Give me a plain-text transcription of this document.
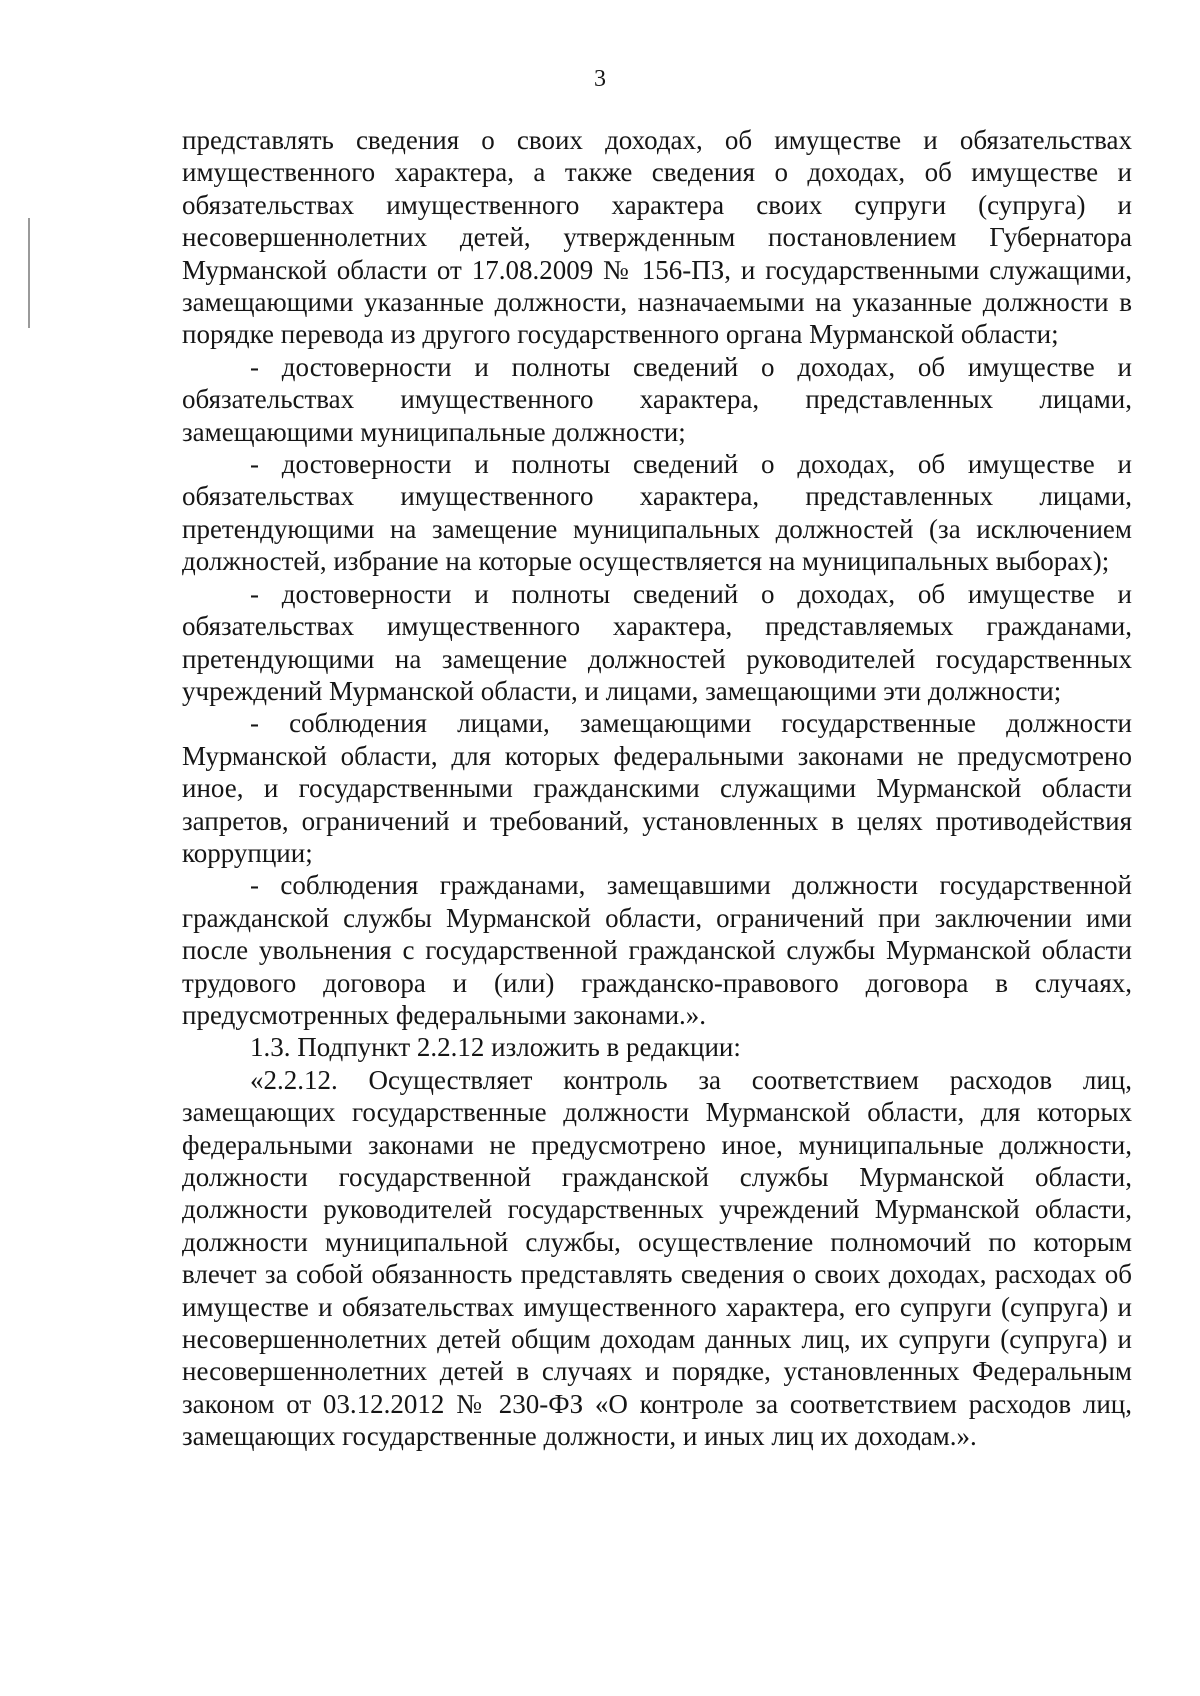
3

представлять сведения о своих доходах, об имуществе и обязательствах имущественного характера, а также сведения о доходах, об имуществе и обязательствах имущественного характера своих супруги (супруга) и несовершеннолетних детей, утвержденным постановлением Губернатора Мурманской области от 17.08.2009 № 156-ПЗ, и государственными служащими, замещающими указанные должности, назначаемыми на указанные должности в порядке перевода из другого государственного органа Мурманской области;

- достоверности и полноты сведений о доходах, об имуществе и обязательствах имущественного характера, представленных лицами, замещающими муниципальные должности;

- достоверности и полноты сведений о доходах, об имуществе и обязательствах имущественного характера, представленных лицами, претендующими на замещение муниципальных должностей (за исключением должностей, избрание на которые осуществляется на муниципальных выборах);

- достоверности и полноты сведений о доходах, об имуществе и обязательствах имущественного характера, представляемых гражданами, претендующими на замещение должностей руководителей государственных учреждений Мурманской области, и лицами, замещающими эти должности;

- соблюдения лицами, замещающими государственные должности Мурманской области, для которых федеральными законами не предусмотрено иное, и государственными гражданскими служащими Мурманской области запретов, ограничений и требований, установленных в целях противодействия коррупции;

- соблюдения гражданами, замещавшими должности государственной гражданской службы Мурманской области, ограничений при заключении ими после увольнения с государственной гражданской службы Мурманской области трудового договора и (или) гражданско-правового договора в случаях, предусмотренных федеральными законами.».

1.3. Подпункт 2.2.12 изложить в редакции:

«2.2.12. Осуществляет контроль за соответствием расходов лиц, замещающих государственные должности Мурманской области, для которых федеральными законами не предусмотрено иное, муниципальные должности, должности государственной гражданской службы Мурманской области, должности руководителей государственных учреждений Мурманской области, должности муниципальной службы, осуществление полномочий по которым влечет за собой обязанность представлять сведения о своих доходах, расходах об имуществе и обязательствах имущественного характера, его супруги (супруга) и несовершеннолетних детей общим доходам данных лиц, их супруги (супруга) и несовершеннолетних детей в случаях и порядке, установленных Федеральным законом от 03.12.2012 № 230-ФЗ «О контроле за соответствием расходов лиц, замещающих государственные должности, и иных лиц их доходам.».
